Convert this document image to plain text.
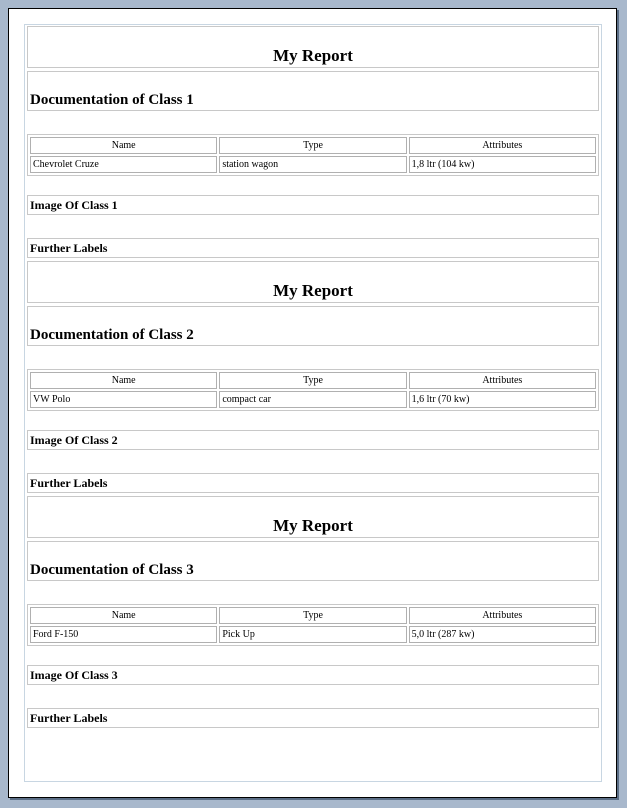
My Report
Documentation of Class 1
Name	Type	Attributes
Chevrolet Cruze	station wagon	1,8 ltr (104 kw)
Image Of Class 1
Further Labels
My Report
Documentation of Class 2
Name	Type	Attributes
VW Polo	compact car	1,6 ltr (70 kw)
Image Of Class 2
Further Labels
My Report
Documentation of Class 3
Name	Type	Attributes
Ford F-150	Pick Up	5,0 ltr (287 kw)
Image Of Class 3
Further Labels
